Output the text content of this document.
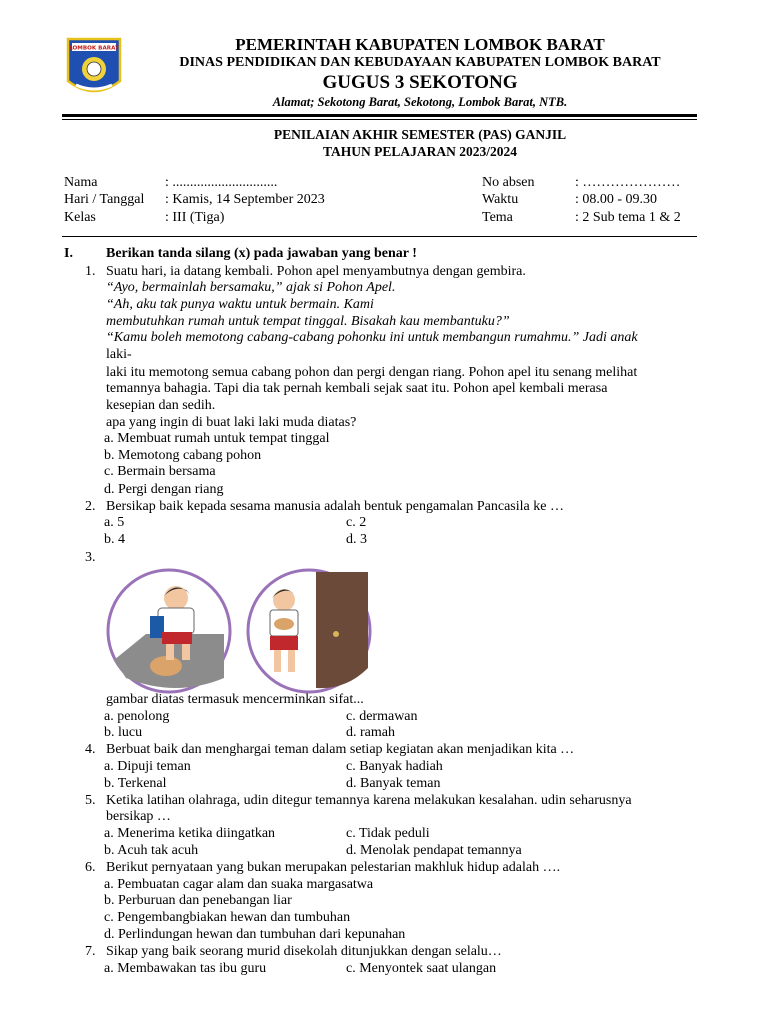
LOMBOK BARAT	PEMERINTAH KABUPATEN LOMBOK BARAT
DINAS PENDIDIKAN DAN KEBUDAYAAN KABUPATEN LOMBOK BARAT
GUGUS 3 SEKOTONG
Alamat; Sekotong Barat, Sekotong, Lombok Barat, NTB.
PENILAIAN AKHIR SEMESTER (PAS) GANJIL
TAHUN PELAJARAN 2023/2024
Nama	: ..............................
Hari / Tanggal : Kamis, 14 September 2023
Kelas	: III (Tiga)
No absen	: …………………
Waktu	: 08.00 - 09.30
Tema	: 2 Sub tema 1 & 2
I. Berikan tanda silang (x) pada jawaban yang benar !
1. Suatu hari, ia datang kembali. Pohon apel menyambutnya dengan gembira.
“Ayo, bermainlah bersamaku,” ajak si Pohon Apel.
“Ah, aku tak punya waktu untuk bermain. Kami
membutuhkan rumah untuk tempat tinggal. Bisakah kau membantuku?”
“Kamu boleh memotong cabang-cabang pohonku ini untuk membangun rumahmu.” Jadi anak
laki-
laki itu memotong semua cabang pohon dan pergi dengan riang. Pohon apel itu senang melihat
temannya bahagia. Tapi dia tak pernah kembali sejak saat itu. Pohon apel kembali merasa
kesepian dan sedih.
apa yang ingin di buat laki laki muda diatas?
a. Membuat rumah untuk tempat tinggal
b. Memotong cabang pohon
c. Bermain bersama
d. Pergi dengan riang
2. Bersikap baik kepada sesama manusia adalah bentuk pengamalan Pancasila ke …
a. 5	c. 2
b. 4	d. 3
3.
gambar diatas termasuk mencerminkan sifat...
a. penolong	c. dermawan
b. lucu	d. ramah
4. Berbuat baik dan menghargai teman dalam setiap kegiatan akan menjadikan kita …
a. Dipuji teman	c. Banyak hadiah
b. Terkenal	d. Banyak teman
5. Ketika latihan olahraga, udin ditegur temannya karena melakukan kesalahan. udin seharusnya
bersikap …
a. Menerima ketika diingatkan	c. Tidak peduli
b. Acuh tak acuh	d. Menolak pendapat temannya
6. Berikut pernyataan yang bukan merupakan pelestarian makhluk hidup adalah ….
a. Pembuatan cagar alam dan suaka margasatwa
b. Perburuan dan penebangan liar
c. Pengembangbiakan hewan dan tumbuhan
d. Perlindungan hewan dan tumbuhan dari kepunahan
7. Sikap yang baik seorang murid disekolah ditunjukkan dengan selalu…
a. Membawakan tas ibu guru	c. Menyontek saat ulangan
